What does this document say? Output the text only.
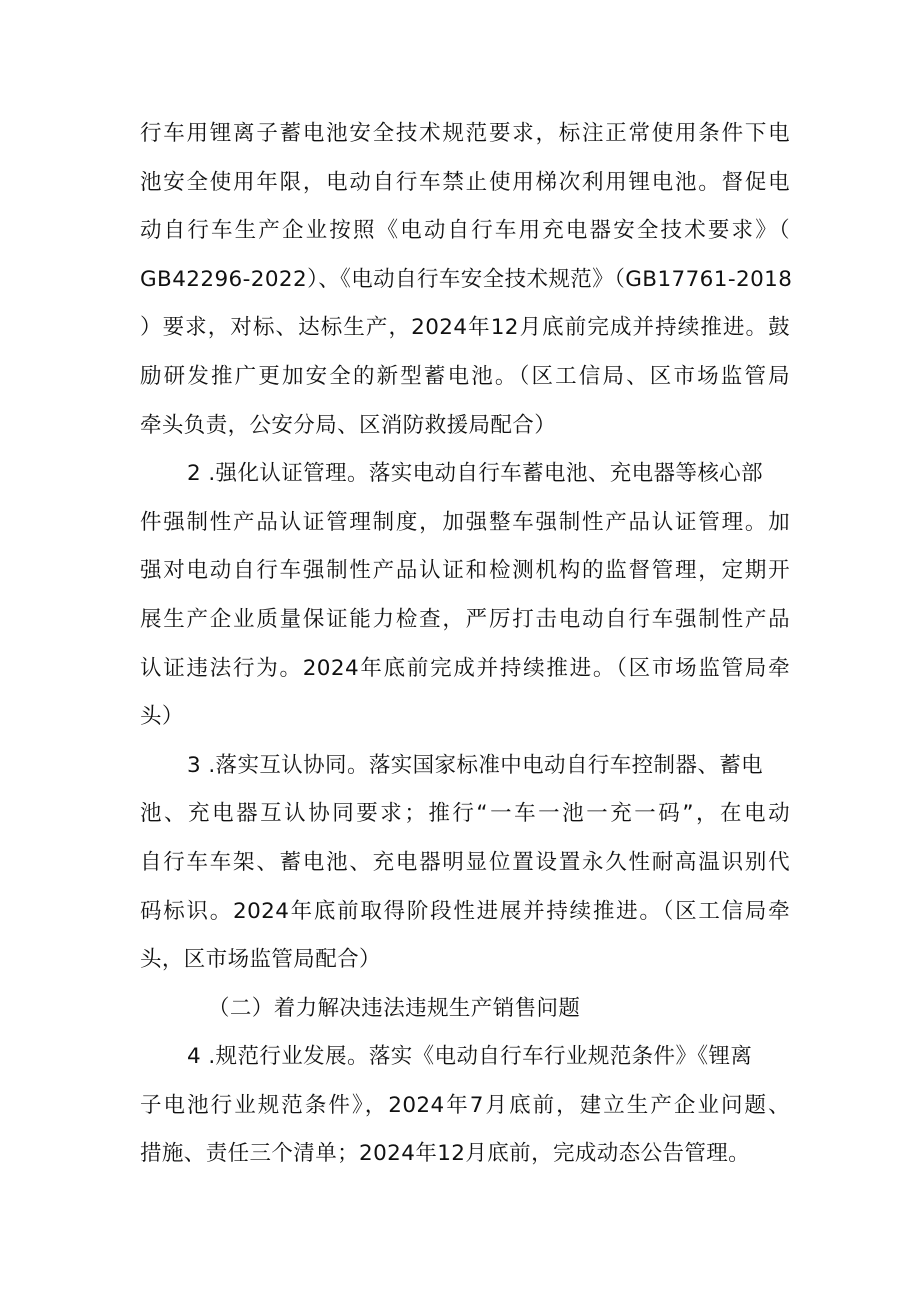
行车用锂离子蓄电池安全技术规范要求，标注正常使用条件下电
池安全使用年限，电动自行车禁止使用梯次利用锂电池。督促电
动自行车生产企业按照《电动自行车用充电器安全技术要求》（
GB42296-2022）、《电动自行车安全技术规范》（GB17761-2018
）要求，对标、达标生产，2024年12月底前完成并持续推进。鼓
励研发推广更加安全的新型蓄电池。（区工信局、区市场监管局
牵头负责，公安分局、区消防救援局配合）
2 .强化认证管理。落实电动自行车蓄电池、充电器等核心部
件强制性产品认证管理制度，加强整车强制性产品认证管理。加
强对电动自行车强制性产品认证和检测机构的监督管理，定期开
展生产企业质量保证能力检查，严厉打击电动自行车强制性产品
认证违法行为。2024年底前完成并持续推进。（区市场监管局牵
头）
3 .落实互认协同。落实国家标准中电动自行车控制器、蓄电
池、充电器互认协同要求；推行“一车一池一充一码”，在电动
自行车车架、蓄电池、充电器明显位置设置永久性耐高温识别代
码标识。2024年底前取得阶段性进展并持续推进。（区工信局牵
头，区市场监管局配合）
（二）着力解决违法违规生产销售问题
4 .规范行业发展。落实《电动自行车行业规范条件》《锂离
子电池行业规范条件》，2024年7月底前，建立生产企业问题、
措施、责任三个清单；2024年12月底前，完成动态公告管理。
